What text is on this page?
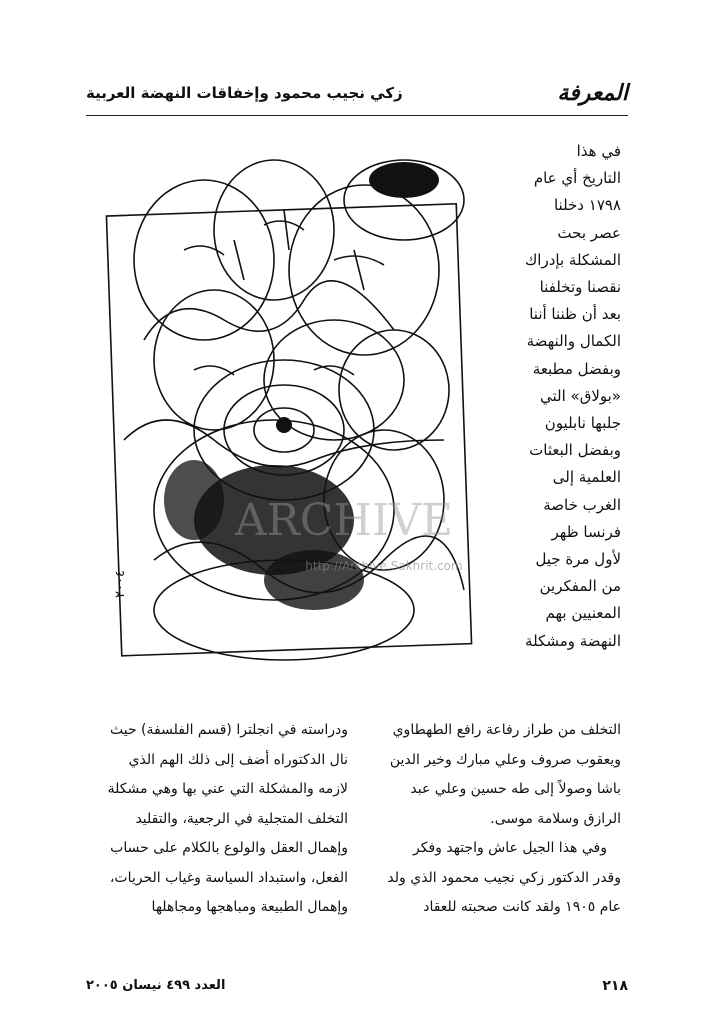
المعرفة
زكي نجيب محمود وإخفاقات النهضة العربية
في هذا
التاريخ أي عام
١٧٩٨ دخلنا
عصر بحث
المشكلة بإدراك
نقصنا وتخلفنا
بعد أن ظننا أننا
الكمال والنهضة
وبفضل مطبعة
«بولاق» التي
جلبها نابليون
وبفضل البعثات
العلمية إلى
الغرب خاصة
فرنسا ظهر
لأول مرة جيل
من المفكرين
المعنيين بهم
النهضة ومشكلة
٢٠٠٤
ARCHIVE
http://Archive.Sakhrit.com
التخلف من طراز رفاعة رافع الطهطاوي
ويعقوب صروف وعلي مبارك وخير الدين
باشا وصولاً إلى طه حسين وعلي عبد
الرازق وسلامة موسى.
وفي هذا الجيل عاش واجتهد وفكر
وقدر الدكتور زكي نجيب محمود الذي ولد
عام ١٩٠٥ ولقد كانت صحبته للعقاد
ودراسته في انجلترا (قسم الفلسفة) حيث
نال الدكتوراه أضف إلى ذلك الهم الذي
لازمه والمشكلة التي عني بها وهي مشكلة
التخلف المتجلية في الرجعية، والتقليد
وإهمال العقل والولوع بالكلام على حساب
الفعل، واستبداد السياسة وغياب الحريات،
وإهمال الطبيعة ومباهجها ومجاهلها
٢١٨
العدد ٤٩٩ نيسان ٢٠٠٥
